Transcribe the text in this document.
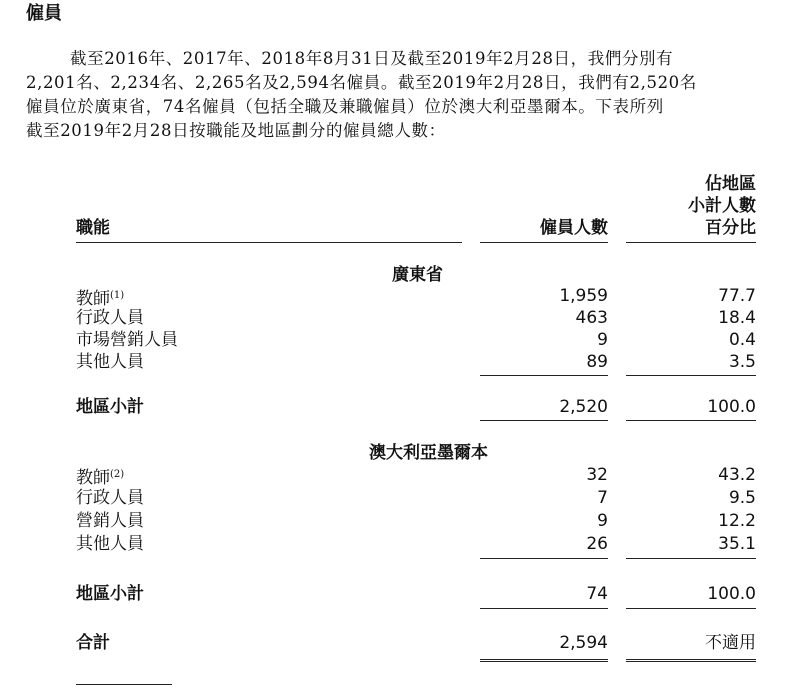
僱員
截至2016年、2017年、2018年8月31日及截至2019年2月28日，我們分別有
2,201名、2,234名、2,265名及2,594名僱員。截至2019年2月28日，我們有2,520名
僱員位於廣東省，74名僱員（包括全職及兼職僱員）位於澳大利亞墨爾本。下表所列
截至2019年2月28日按職能及地區劃分的僱員總人數：
佔地區
小計人數
職能	僱員人數	百分比
廣東省
教師$^{(1)}$	1,959	77.7
行政人員	463	18.4
市場營銷人員	9	0.4
其他人員	89	3.5
地區小計	2,520	100.0
澳大利亞墨爾本
教師$^{(2)}$	32	43.2
行政人員	7	9.5
營銷人員	9	12.2
其他人員	26	35.1
地區小計	74	100.0
合計	2,594	不適用
